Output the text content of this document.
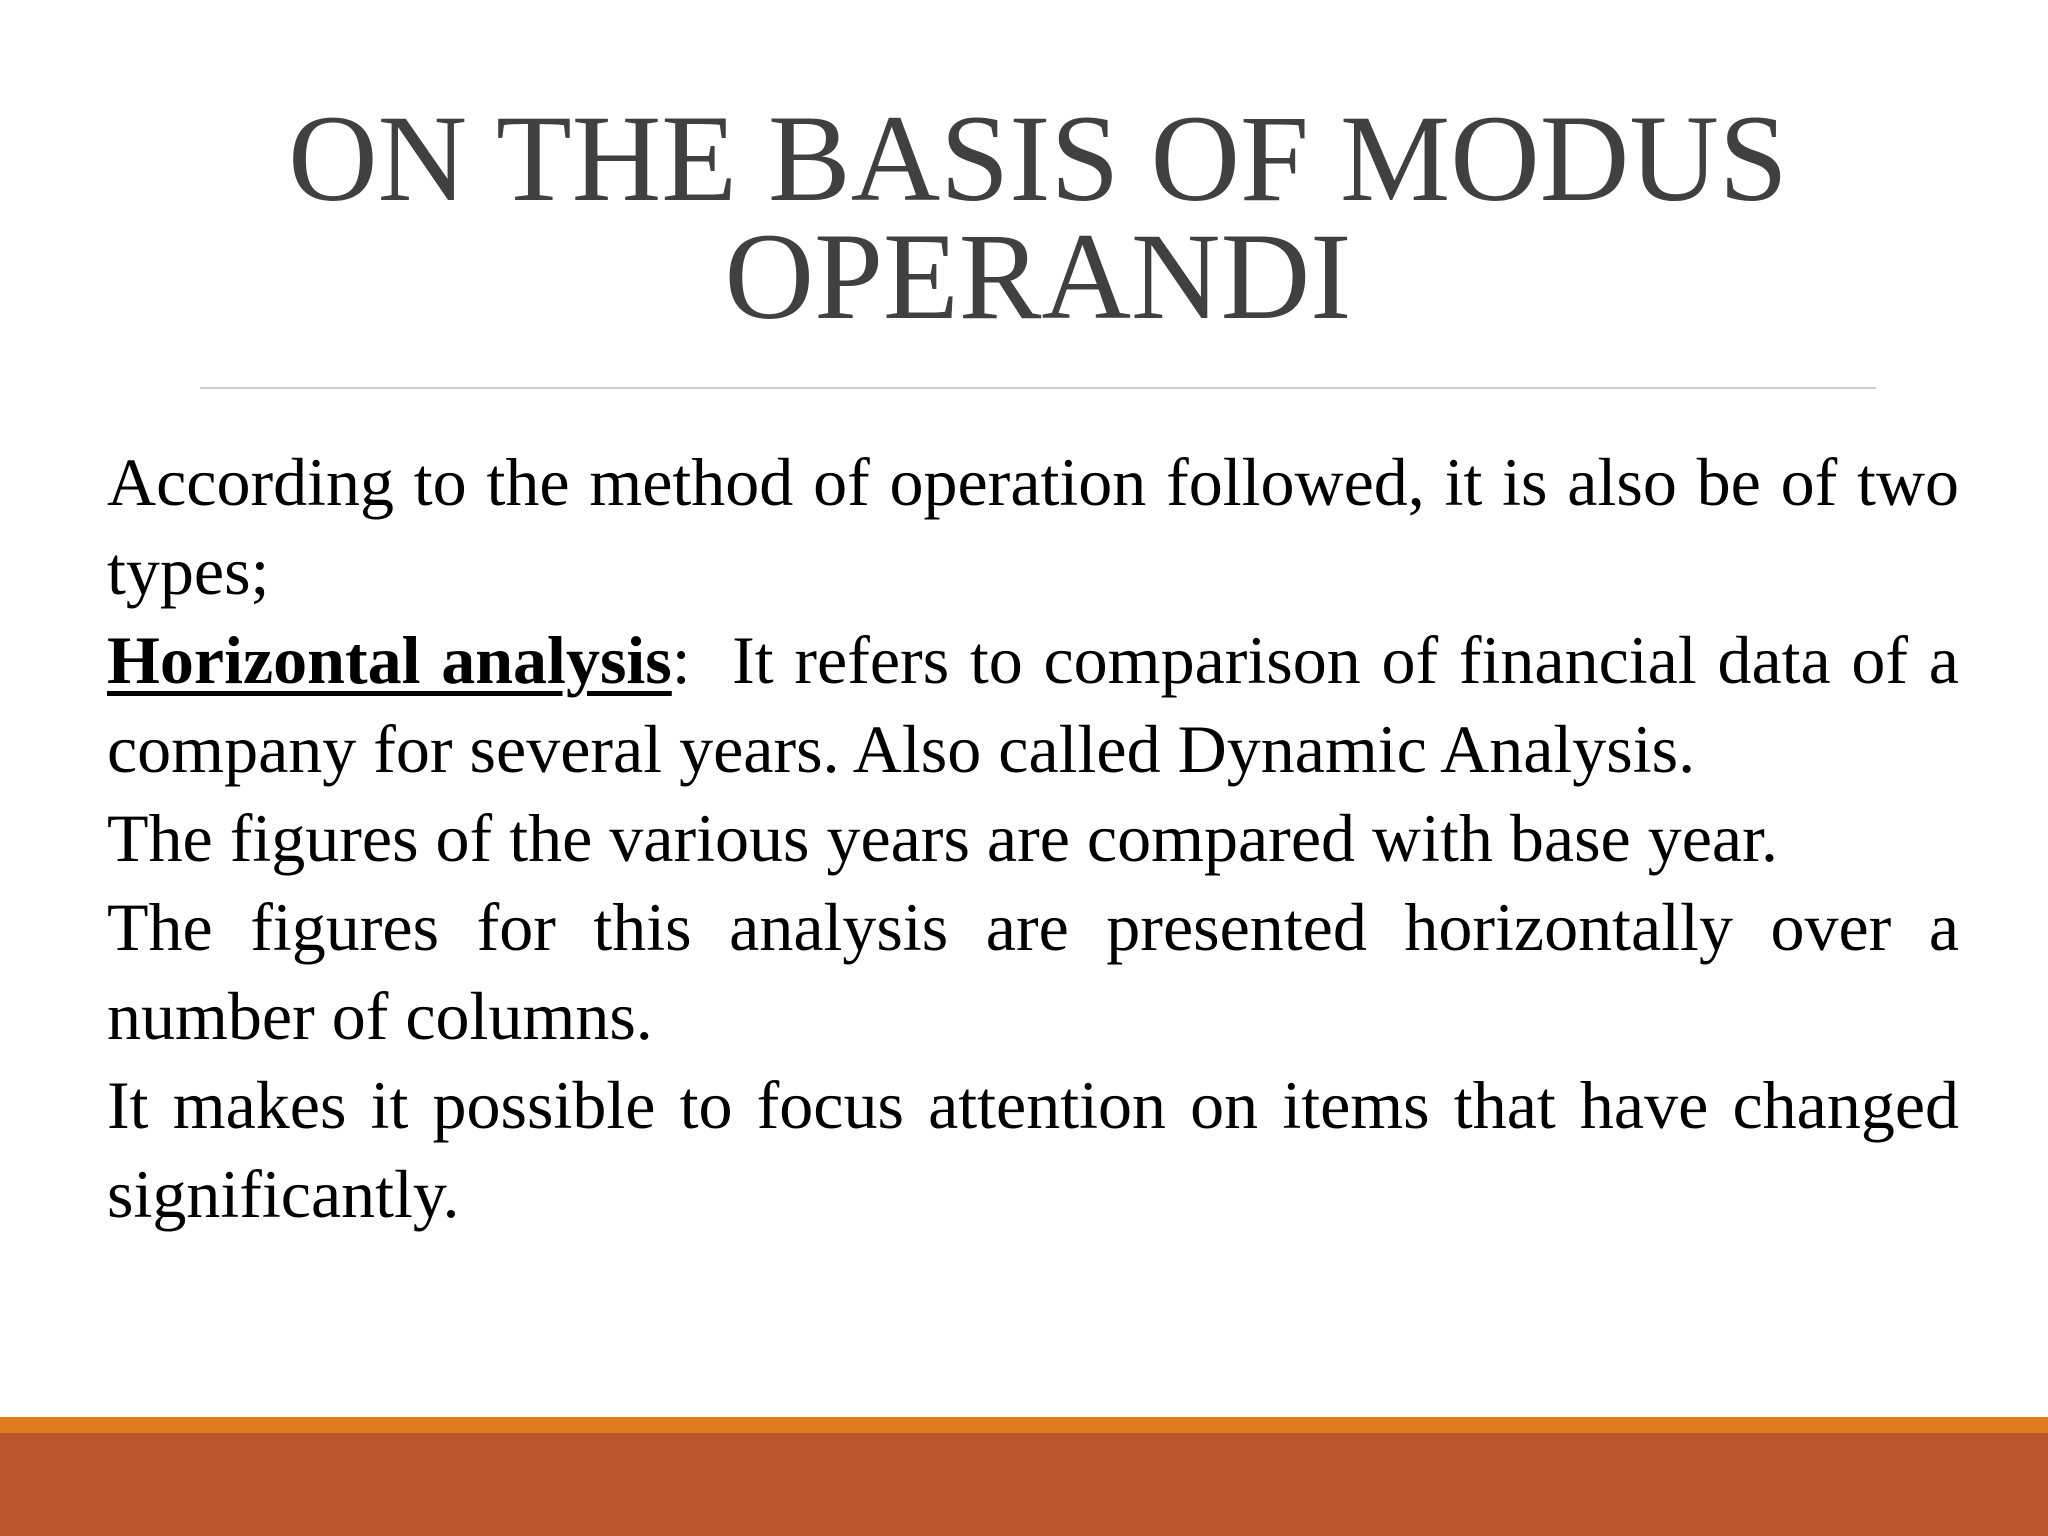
ON THE BASIS OF MODUS
OPERANDI

According to the method of operation followed, it is also be of two types;

Horizontal analysis:  It refers to comparison of financial data of a company for several years. Also called Dynamic Analysis.

The figures of the various years are compared with base year.

The figures for this analysis are presented horizontally over a number of columns.

It makes it possible to focus attention on items that have changed significantly.
